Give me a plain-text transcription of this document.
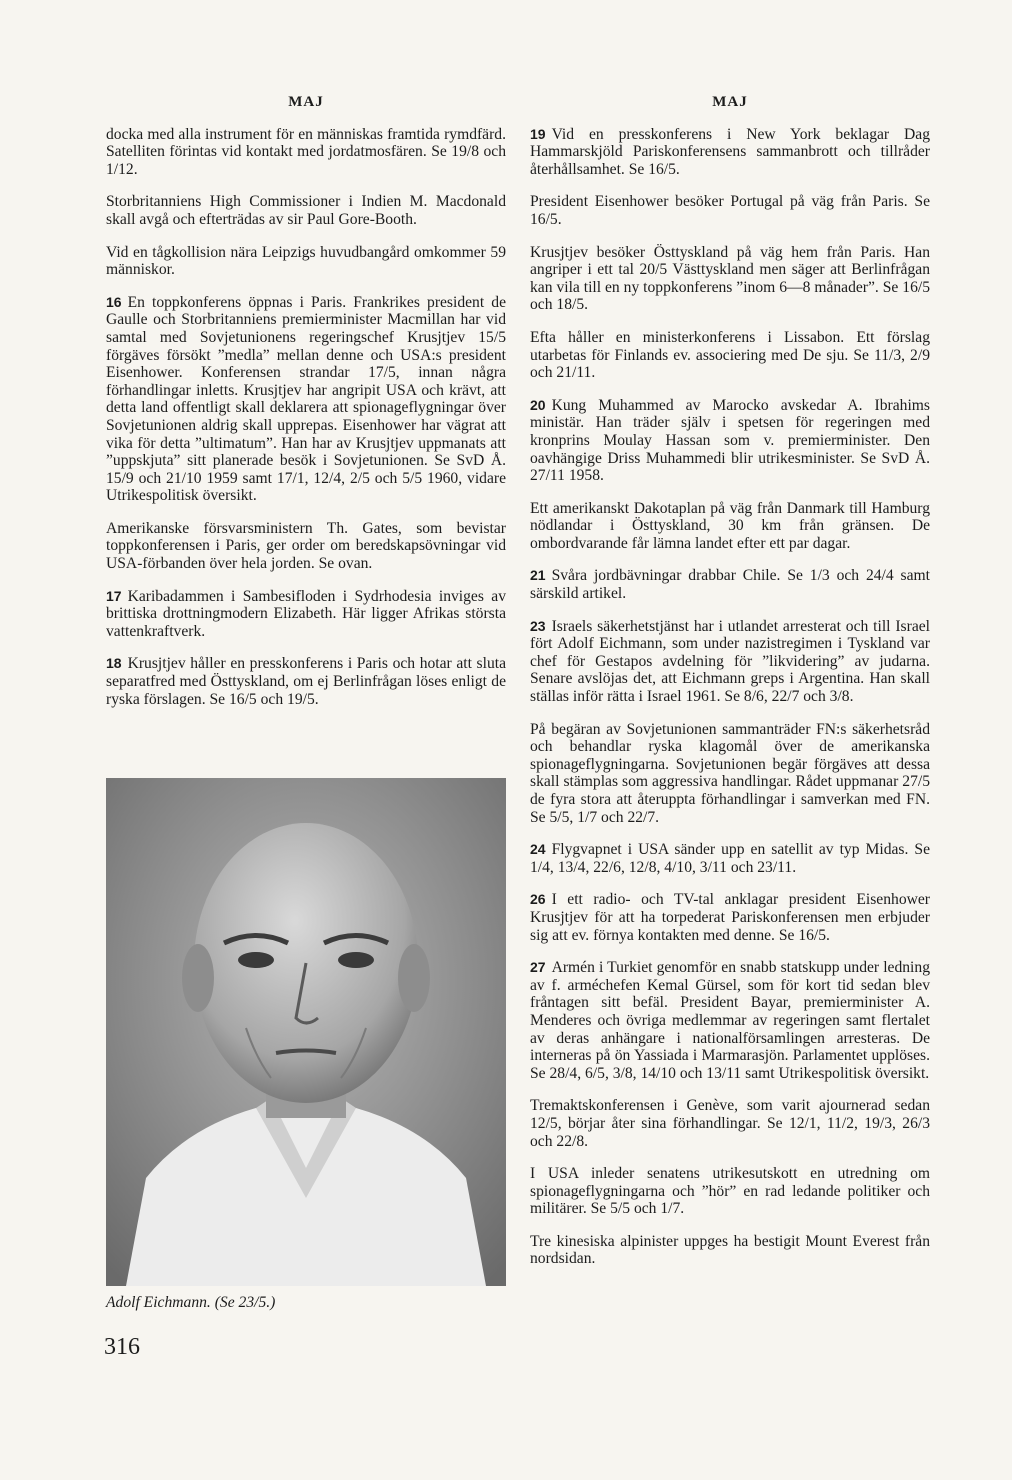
MAJ

docka med alla instrument för en människas framtida rymdfärd. Satelliten förintas vid kontakt med jordatmosfären. Se 19/8 och 1/12.

Storbritanniens High Commissioner i Indien M. Macdonald skall avgå och efterträdas av sir Paul Gore-Booth.

Vid en tågkollision nära Leipzigs huvudbangård omkommer 59 människor.

16 En toppkonferens öppnas i Paris. Frankrikes president de Gaulle och Storbritanniens premierminister Macmillan har vid samtal med Sovjetunionens regeringschef Krusjtjev 15/5 förgäves försökt ”medla” mellan denne och USA:s president Eisenhower. Konferensen strandar 17/5, innan några förhandlingar inletts. Krusjtjev har angripit USA och krävt, att detta land offentligt skall deklarera att spionageflygningar över Sovjetunionen aldrig skall upprepas. Eisenhower har vägrat att vika för detta ”ultimatum”. Han har av Krusjtjev uppmanats att ”uppskjuta” sitt planerade besök i Sovjetunionen. Se SvD Å. 15/9 och 21/10 1959 samt 17/1, 12/4, 2/5 och 5/5 1960, vidare Utrikespolitisk översikt.

Amerikanske försvarsministern Th. Gates, som bevistar toppkonferensen i Paris, ger order om beredskapsövningar vid USA-förbanden över hela jorden. Se ovan.

17 Karibadammen i Sambesifloden i Sydrhodesia inviges av brittiska drottningmodern Elizabeth. Här ligger Afrikas största vattenkraftverk.

18 Krusjtjev håller en presskonferens i Paris och hotar att sluta separatfred med Östtyskland, om ej Berlinfrågan löses enligt de ryska förslagen. Se 16/5 och 19/5.

Adolf Eichmann. (Se 23/5.)
316
MAJ

19 Vid en presskonferens i New York beklagar Dag Hammarskjöld Pariskonferensens sammanbrott och tillråder återhållsamhet. Se 16/5.

President Eisenhower besöker Portugal på väg från Paris. Se 16/5.

Krusjtjev besöker Östtyskland på väg hem från Paris. Han angriper i ett tal 20/5 Västtyskland men säger att Berlinfrågan kan vila till en ny toppkonferens ”inom 6—8 månader”. Se 16/5 och 18/5.

Efta håller en ministerkonferens i Lissabon. Ett förslag utarbetas för Finlands ev. associering med De sju. Se 11/3, 2/9 och 21/11.

20 Kung Muhammed av Marocko avskedar A. Ibrahims ministär. Han träder själv i spetsen för regeringen med kronprins Moulay Hassan som v. premierminister. Den oavhängige Driss Muhammedi blir utrikesminister. Se SvD Å. 27/11 1958.

Ett amerikanskt Dakotaplan på väg från Danmark till Hamburg nödlandar i Östtyskland, 30 km från gränsen. De ombordvarande får lämna landet efter ett par dagar.

21 Svåra jordbävningar drabbar Chile. Se 1/3 och 24/4 samt särskild artikel.

23 Israels säkerhetstjänst har i utlandet arresterat och till Israel fört Adolf Eichmann, som under nazistregimen i Tyskland var chef för Gestapos avdelning för ”likvidering” av judarna. Senare avslöjas det, att Eichmann greps i Argentina. Han skall ställas inför rätta i Israel 1961. Se 8/6, 22/7 och 3/8.

På begäran av Sovjetunionen sammanträder FN:s säkerhetsråd och behandlar ryska klagomål över de amerikanska spionageflygningarna. Sovjetunionen begär förgäves att dessa skall stämplas som aggressiva handlingar. Rådet uppmanar 27/5 de fyra stora att återuppta förhandlingar i samverkan med FN. Se 5/5, 1/7 och 22/7.

24 Flygvapnet i USA sänder upp en satellit av typ Midas. Se 1/4, 13/4, 22/6, 12/8, 4/10, 3/11 och 23/11.

26 I ett radio- och TV-tal anklagar president Eisenhower Krusjtjev för att ha torpederat Pariskonferensen men erbjuder sig att ev. förnya kontakten med denne. Se 16/5.

27 Armén i Turkiet genomför en snabb statskupp under ledning av f. arméchefen Kemal Gürsel, som för kort tid sedan blev fråntagen sitt befäl. President Bayar, premierminister A. Menderes och övriga medlemmar av regeringen samt flertalet av deras anhängare i nationalförsamlingen arresteras. De interneras på ön Yassiada i Marmarasjön. Parlamentet upplöses. Se 28/4, 6/5, 3/8, 14/10 och 13/11 samt Utrikespolitisk översikt.

Tremaktskonferensen i Genève, som varit ajournerad sedan 12/5, börjar åter sina förhandlingar. Se 12/1, 11/2, 19/3, 26/3 och 22/8.

I USA inleder senatens utrikesutskott en utredning om spionageflygningarna och ”hör” en rad ledande politiker och militärer. Se 5/5 och 1/7.

Tre kinesiska alpinister uppges ha bestigit Mount Everest från nordsidan.
